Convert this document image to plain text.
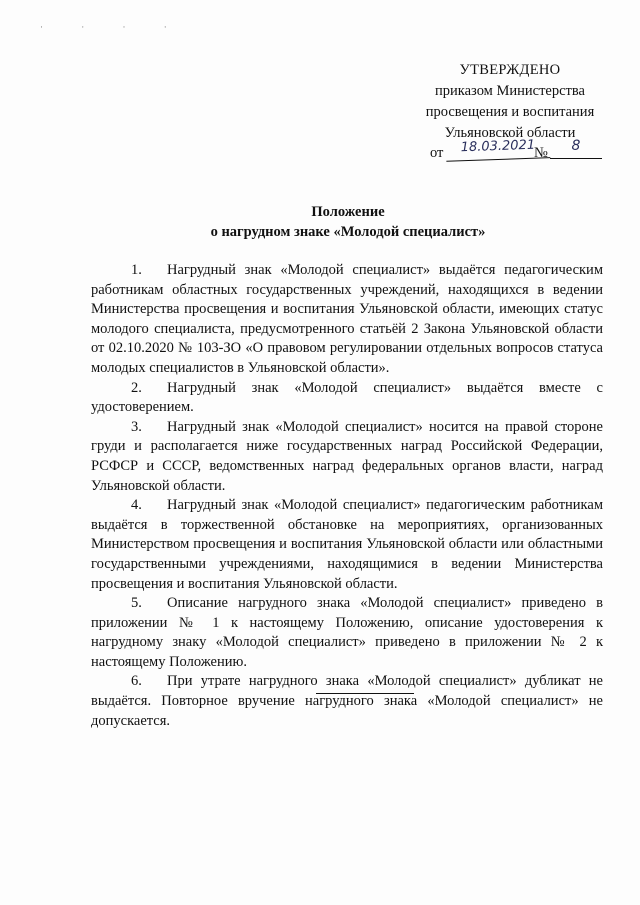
· · · ·
УТВЕРЖДЕНО
приказом Министерства
просвещения и воспитания
Ульяновской области
от	18.03.2021
№	8
Положение
о нагрудном знаке «Молодой специалист»

1. Нагрудный знак «Молодой специалист» выдаётся педагогическим работникам областных государственных учреждений, находящихся в ведении Министерства просвещения и воспитания Ульяновской области, имеющих статус молодого специалиста, предусмотренного статьёй 2 Закона Ульяновской области от 02.10.2020 № 103-ЗО «О правовом регулировании отдельных вопросов статуса молодых специалистов в Ульяновской области».

2. Нагрудный знак «Молодой специалист» выдаётся вместе с удостоверением.

3. Нагрудный знак «Молодой специалист» носится на правой стороне груди и располагается ниже государственных наград Российской Федерации, РСФСР и СССР, ведомственных наград федеральных органов власти, наград Ульяновской области.

4. Нагрудный знак «Молодой специалист» педагогическим работникам выдаётся в торжественной обстановке на мероприятиях, организованных Министерством просвещения и воспитания Ульяновской области или областными государственными учреждениями, находящимися в ведении Министерства просвещения и воспитания Ульяновской области.

5. Описание нагрудного знака «Молодой специалист» приведено в приложении № 1 к настоящему Положению, описание удостоверения к нагрудному знаку «Молодой специалист» приведено в приложении № 2 к настоящему Положению.

6. При утрате нагрудного знака «Молодой специалист» дубликат не выдаётся. Повторное вручение нагрудного знака «Молодой специалист» не допускается.
